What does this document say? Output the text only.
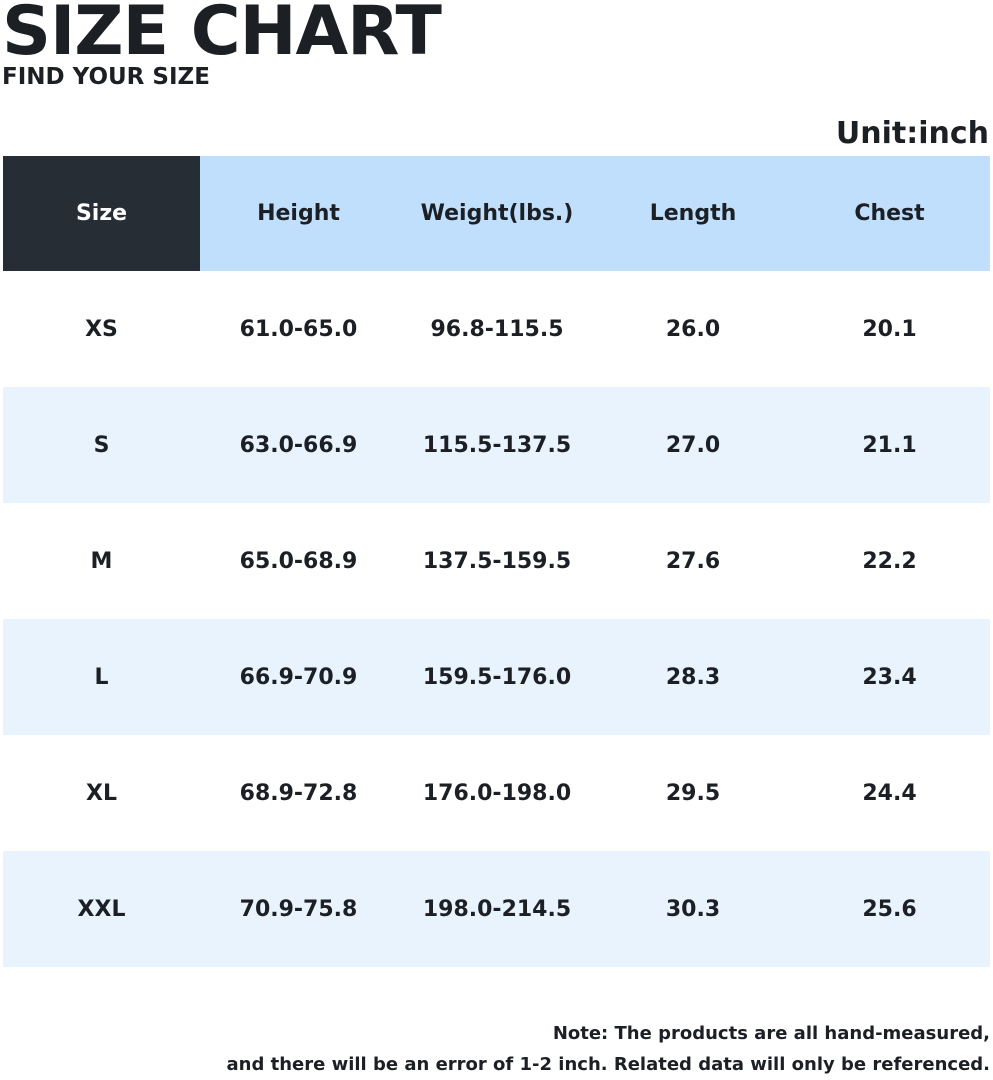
SIZE CHART
FIND YOUR SIZE
Unit:inch
Size	Height	Weight(lbs.)	Length	Chest
XS	61.0-65.0	96.8-115.5	26.0	20.1
S	63.0-66.9	115.5-137.5	27.0	21.1
M	65.0-68.9	137.5-159.5	27.6	22.2
L	66.9-70.9	159.5-176.0	28.3	23.4
XL	68.9-72.8	176.0-198.0	29.5	24.4
XXL	70.9-75.8	198.0-214.5	30.3	25.6
Note: The products are all hand-measured,
and there will be an error of 1-2 inch. Related data will only be referenced.
